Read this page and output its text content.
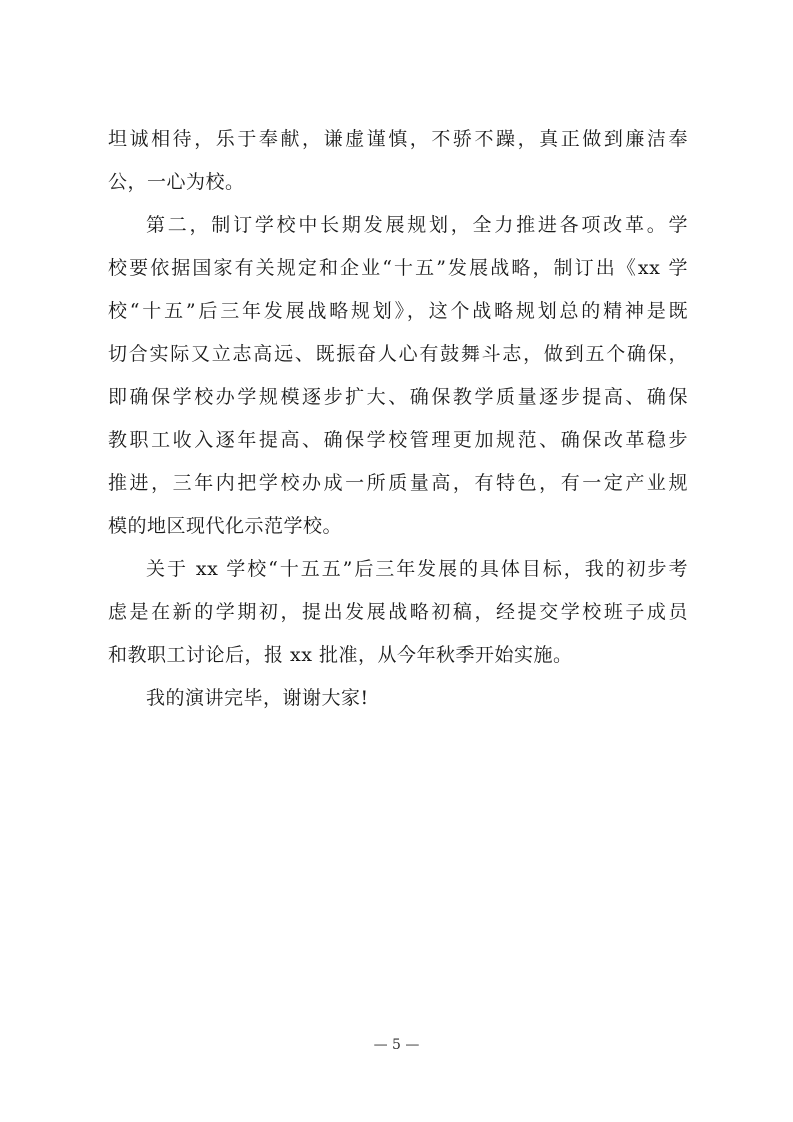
坦诚相待，乐于奉献，谦虚谨慎，不骄不躁，真正做到廉洁奉
公，一心为校。
第二，制订学校中长期发展规划，全力推进各项改革。学
校要依据国家有关规定和企业“十五”发展战略，制订出《xx 学
校“十五”后三年发展战略规划》，这个战略规划总的精神是既
切合实际又立志高远、既振奋人心有鼓舞斗志，做到五个确保，
即确保学校办学规模逐步扩大、确保教学质量逐步提高、确保
教职工收入逐年提高、确保学校管理更加规范、确保改革稳步
推进，三年内把学校办成一所质量高，有特色，有一定产业规
模的地区现代化示范学校。
关于 xx 学校“十五五”后三年发展的具体目标，我的初步考
虑是在新的学期初，提出发展战略初稿，经提交学校班子成员
和教职工讨论后，报 xx 批准，从今年秋季开始实施。
我的演讲完毕，谢谢大家!
— 5 —
